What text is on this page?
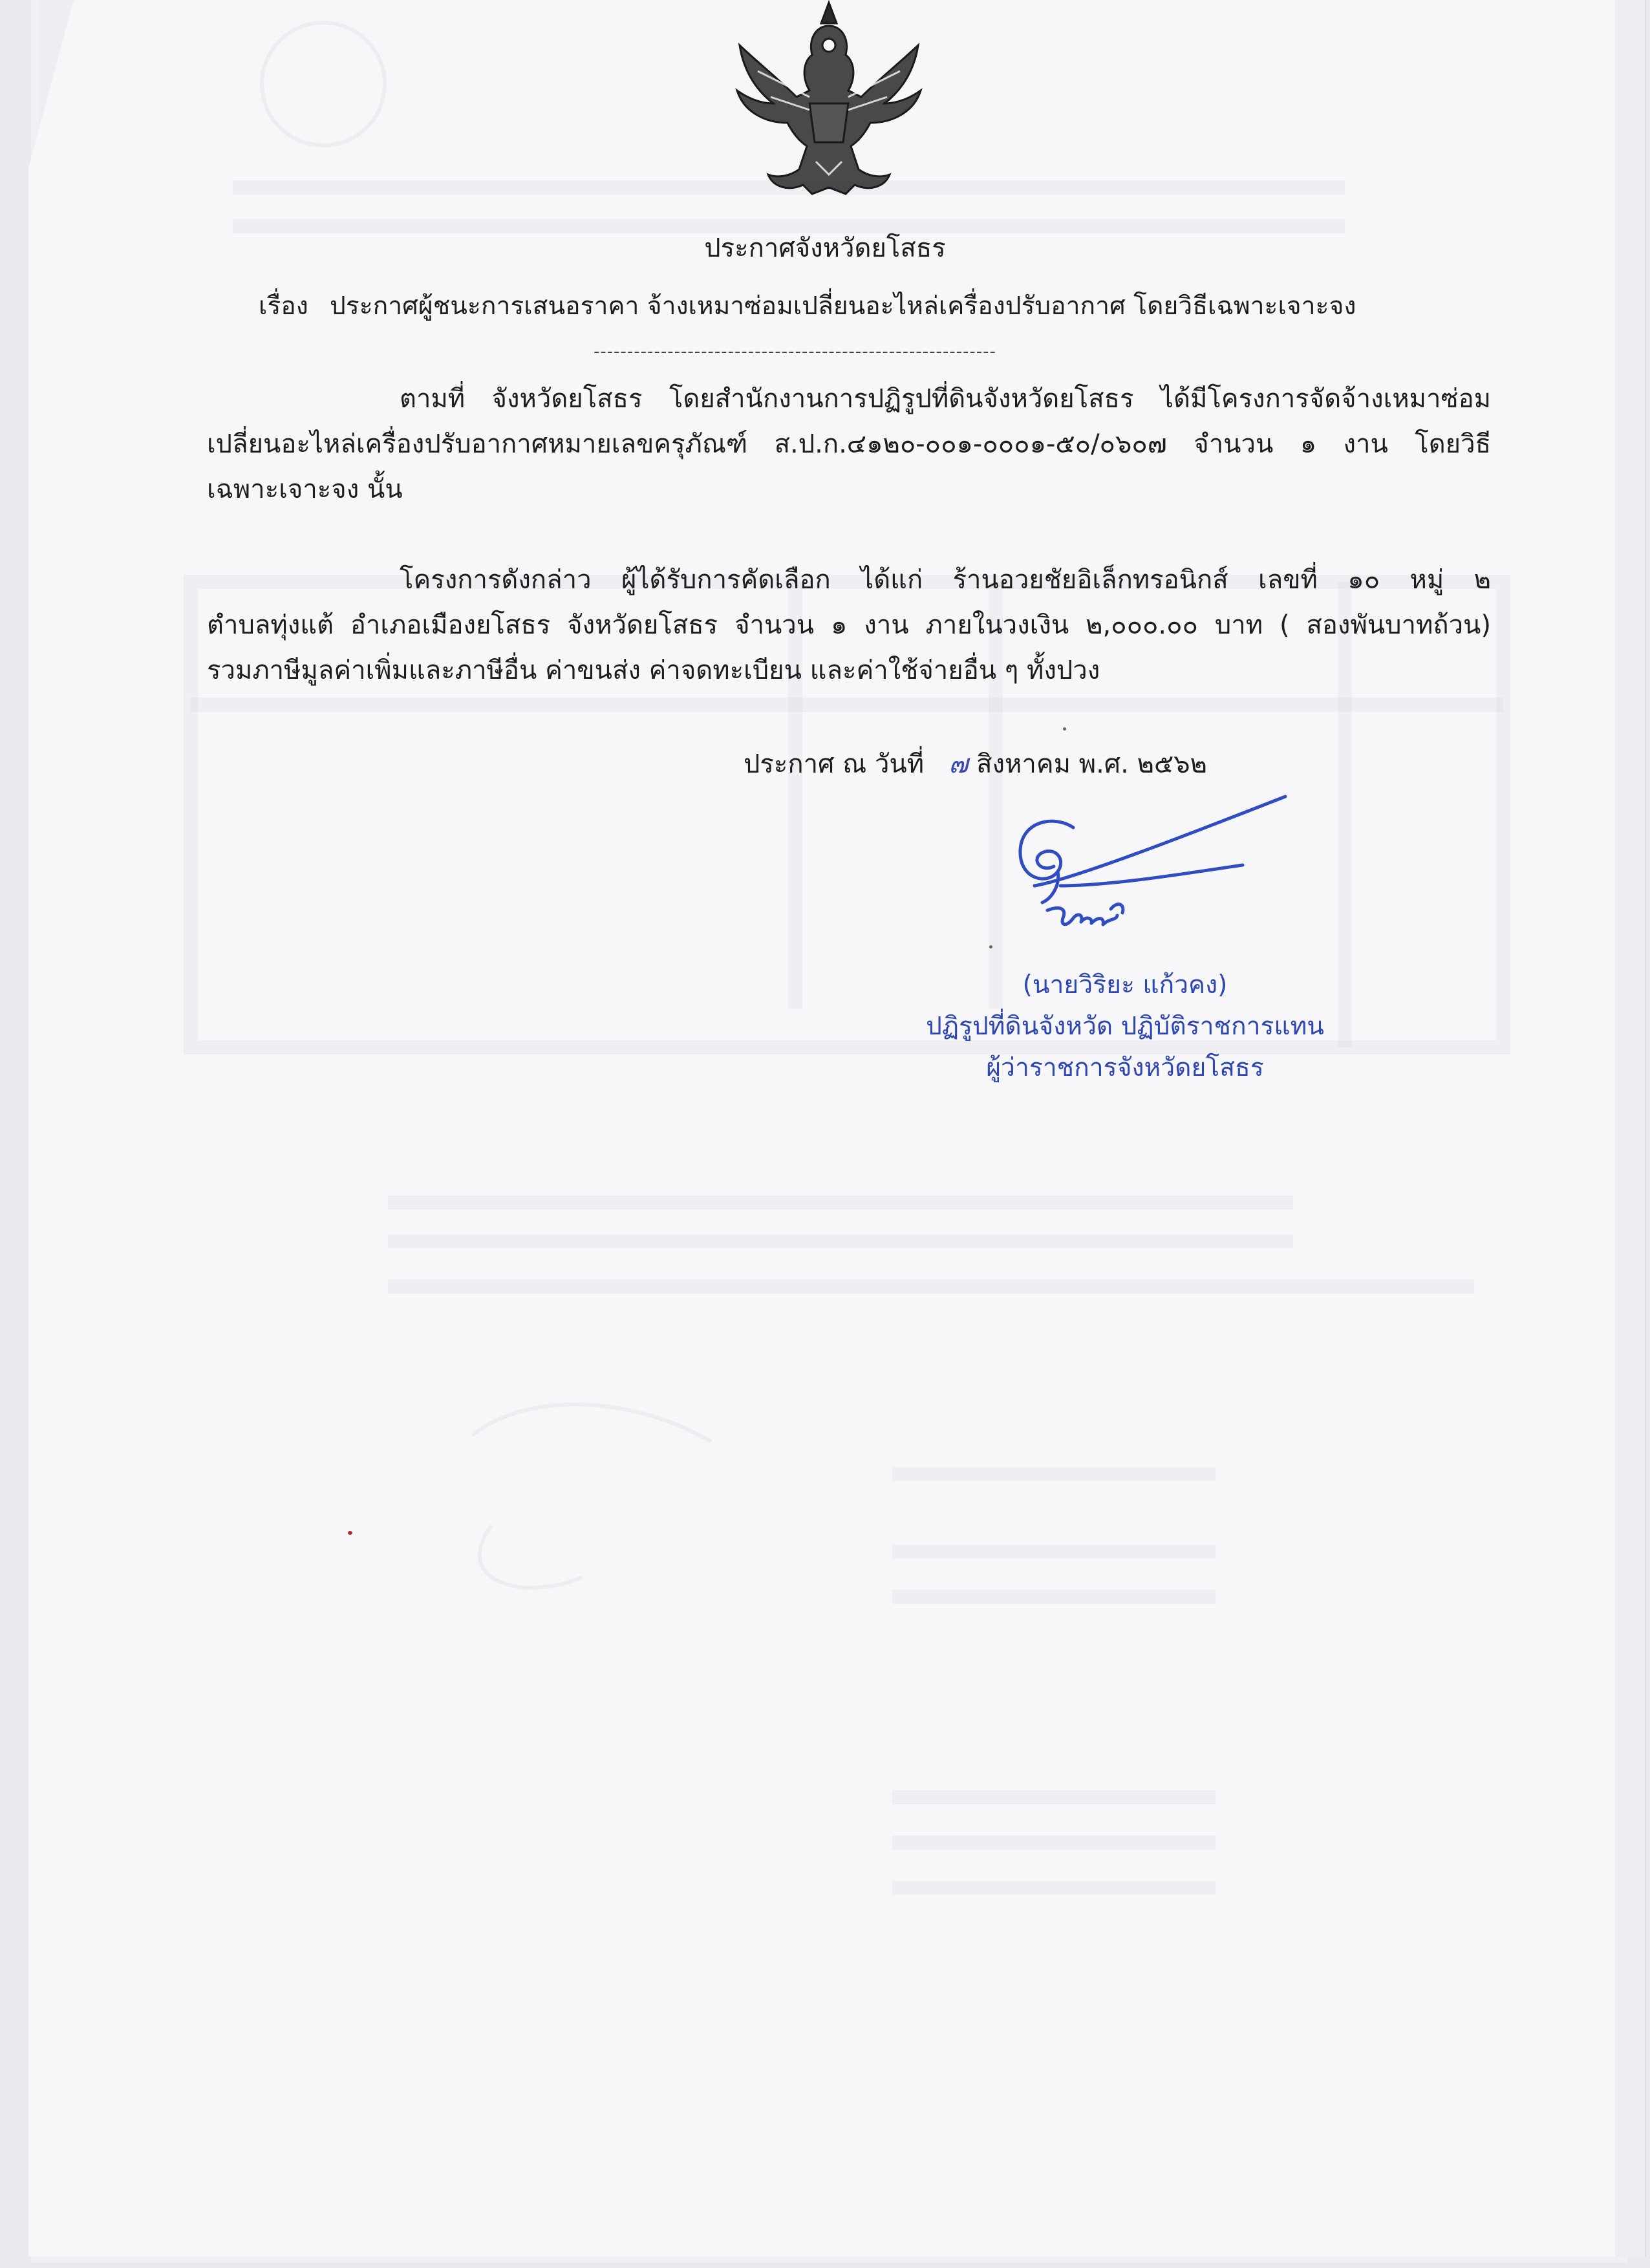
ประกาศจังหวัดยโสธร
เรื่อง ประกาศผู้ชนะการเสนอราคา จ้างเหมาซ่อมเปลี่ยนอะไหล่เครื่องปรับอากาศ โดยวิธีเฉพาะเจาะจง
------------------------------------------------------------
ตามที่ จังหวัดยโสธร โดยสำนักงานการปฏิรูปที่ดินจังหวัดยโสธร ได้มีโครงการจัดจ้างเหมาซ่อม
เปลี่ยนอะไหล่เครื่องปรับอากาศหมายเลขครุภัณฑ์ ส.ป.ก.๔๑๒๐-๐๐๑-๐๐๐๑-๕๐/๐๖๐๗ จำนวน ๑ งาน โดยวิธี
เฉพาะเจาะจง นั้น
โครงการดังกล่าว ผู้ได้รับการคัดเลือก ได้แก่ ร้านอวยชัยอิเล็กทรอนิกส์ เลขที่ ๑๐ หมู่ ๒
ตำบลทุ่งแต้ อำเภอเมืองยโสธร จังหวัดยโสธร จำนวน ๑ งาน ภายในวงเงิน ๒,๐๐๐.๐๐ บาท ( สองพันบาทถ้วน)
รวมภาษีมูลค่าเพิ่มและภาษีอื่น ค่าขนส่ง ค่าจดทะเบียน และค่าใช้จ่ายอื่น ๆ ทั้งปวง
ประกาศ ณ วันที่ ๗ สิงหาคม พ.ศ. ๒๕๖๒
(นายวิริยะ แก้วคง)
ปฏิรูปที่ดินจังหวัด ปฏิบัติราชการแทน
ผู้ว่าราชการจังหวัดยโสธร
